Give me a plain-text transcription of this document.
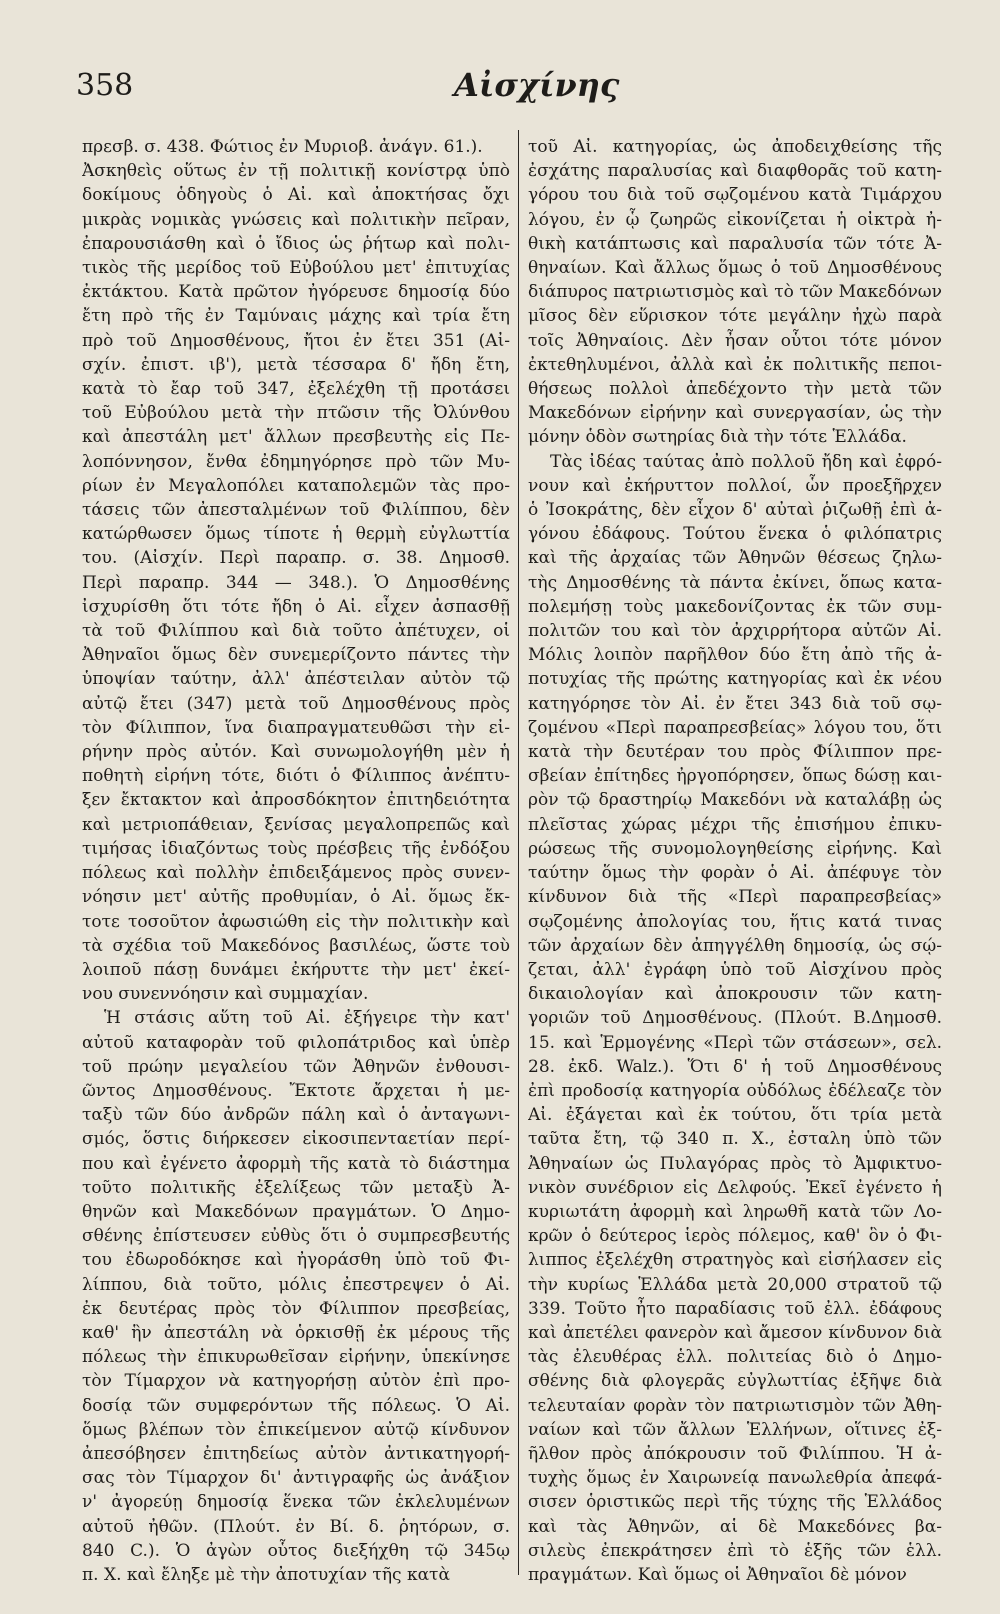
358	Αἰσχίνης
πρεσβ. σ. 438. Φώτιος ἐν Μυριοβ. ἀνάγν. 61.).
Ἀσκηθεὶς οὕτως ἐν τῇ πολιτικῇ κονίστρᾳ ὑπὸ
δοκίμους ὁδηγοὺς ὁ Αἰ. καὶ ἀποκτήσας ὄχι
μικρὰς νομικὰς γνώσεις καὶ πολιτικὴν πεῖραν,
ἐπαρουσιάσθη καὶ ὁ ἴδιος ὡς ῥήτωρ καὶ πολι-
τικὸς τῆς μερίδος τοῦ Εὐβούλου μετ' ἐπιτυχίας
ἐκτάκτου. Κατὰ πρῶτον ἠγόρευσε δημοσίᾳ δύο
ἔτη πρὸ τῆς ἐν Ταμύναις μάχης καὶ τρία ἔτη
πρὸ τοῦ Δημοσθένους, ἤτοι ἐν ἔτει 351 (Αἰ-
σχίν. ἐπιστ. ιβ'), μετὰ τέσσαρα δ' ἤδη ἔτη,
κατὰ τὸ ἔαρ τοῦ 347, ἐξελέχθη τῇ προτάσει
τοῦ Εὐβούλου μετὰ τὴν πτῶσιν τῆς Ὀλύνθου
καὶ ἀπεστάλη μετ' ἄλλων πρεσβευτὴς εἰς Πε-
λοπόννησον, ἔνθα ἐδημηγόρησε πρὸ τῶν Μυ-
ρίων ἐν Μεγαλοπόλει καταπολεμῶν τὰς προ-
τάσεις τῶν ἀπεσταλμένων τοῦ Φιλίππου, δὲν
κατώρθωσεν ὅμως τίποτε ἡ θερμὴ εὐγλωττία
του. (Αἰσχίν. Περὶ παραπρ. σ. 38. Δημοσθ.
Περὶ παραπρ. 344 — 348.). Ὁ Δημοσθένης
ἰσχυρίσθη ὅτι τότε ἤδη ὁ Αἰ. εἶχεν ἀσπασθῇ
τὰ τοῦ Φιλίππου καὶ διὰ τοῦτο ἀπέτυχεν, οἱ
Ἀθηναῖοι ὅμως δὲν συνεμερίζοντο πάντες τὴν
ὑποψίαν ταύτην, ἀλλ' ἀπέστειλαν αὐτὸν τῷ
αὐτῷ ἔτει (347) μετὰ τοῦ Δημοσθένους πρὸς
τὸν Φίλιππον, ἵνα διαπραγματευθῶσι τὴν εἰ-
ρήνην πρὸς αὐτόν. Καὶ συνωμολογήθη μὲν ἡ
ποθητὴ εἰρήνη τότε, διότι ὁ Φίλιππος ἀνέπτυ-
ξεν ἔκτακτον καὶ ἀπροσδόκητον ἐπιτηδειότητα
καὶ μετριοπάθειαν, ξενίσας μεγαλοπρεπῶς καὶ
τιμήσας ἰδιαζόντως τοὺς πρέσβεις τῆς ἐνδόξου
πόλεως καὶ πολλὴν ἐπιδειξάμενος πρὸς συνεν-
νόησιν μετ' αὐτῆς προθυμίαν, ὁ Αἰ. ὅμως ἔκ-
τοτε τοσοῦτον ἀφωσιώθη εἰς τὴν πολιτικὴν καὶ
τὰ σχέδια τοῦ Μακεδόνος βασιλέως, ὥστε τοὺ
λοιποῦ πάσῃ δυνάμει ἐκήρυττε τὴν μετ' ἐκεί-
νου συνεννόησιν καὶ συμμαχίαν.
Ἡ στάσις αὕτη τοῦ Αἰ. ἐξήγειρε τὴν κατ'
αὐτοῦ καταφορὰν τοῦ φιλοπάτριδος καὶ ὑπὲρ
τοῦ πρώην μεγαλείου τῶν Ἀθηνῶν ἐνθουσι-
ῶντος Δημοσθένους. Ἔκτοτε ἄρχεται ἡ με-
ταξὺ τῶν δύο ἀνδρῶν πάλη καὶ ὁ ἀνταγωνι-
σμός, ὅστις διήρκεσεν εἰκοσιπενταετίαν περί-
που καὶ ἐγένετο ἀφορμὴ τῆς κατὰ τὸ διάστημα
τοῦτο πολιτικῆς ἐξελίξεως τῶν μεταξὺ Ἀ-
θηνῶν καὶ Μακεδόνων πραγμάτων. Ὁ Δημο-
σθένης ἐπίστευσεν εὐθὺς ὅτι ὁ συμπρεσβευτής
του ἐδωροδόκησε καὶ ἠγοράσθη ὑπὸ τοῦ Φι-
λίππου, διὰ τοῦτο, μόλις ἐπεστρεψεν ὁ Αἰ.
ἐκ δευτέρας πρὸς τὸν Φίλιππον πρεσβείας,
καθ' ἣν ἀπεστάλη νὰ ὁρκισθῇ ἐκ μέρους τῆς
πόλεως τὴν ἐπικυρωθεῖσαν εἰρήνην, ὑπεκίνησε
τὸν Τίμαρχον νὰ κατηγορήσῃ αὐτὸν ἐπὶ προ-
δοσίᾳ τῶν συμφερόντων τῆς πόλεως. Ὁ Αἰ.
ὅμως βλέπων τὸν ἐπικείμενον αὐτῷ κίνδυνον
ἀπεσόβησεν ἐπιτηδείως αὐτὸν ἀντικατηγορή-
σας τὸν Τίμαρχον δι' ἀντιγραφῆς ὡς ἀνάξιον
ν' ἀγορεύῃ δημοσίᾳ ἕνεκα τῶν ἐκλελυμένων
αὐτοῦ ἠθῶν. (Πλούτ. ἐν Βί. δ. ῥητόρων, σ.
840 C.). Ὁ ἀγὼν οὗτος διεξήχθη τῷ 345ῳ
π. Χ. καὶ ἔληξε μὲ τὴν ἀποτυχίαν τῆς κατὰ
τοῦ Αἰ. κατηγορίας, ὡς ἀποδειχθείσης τῆς
ἐσχάτης παραλυσίας καὶ διαφθορᾶς τοῦ κατη-
γόρου του διὰ τοῦ σῳζομένου κατὰ Τιμάρχου
λόγου, ἐν ᾧ ζωηρῶς εἰκονίζεται ἡ οἰκτρὰ ἠ-
θικὴ κατάπτωσις καὶ παραλυσία τῶν τότε Ἀ-
θηναίων. Καὶ ἄλλως ὅμως ὁ τοῦ Δημοσθένους
διάπυρος πατριωτισμὸς καὶ τὸ τῶν Μακεδόνων
μῖσος δὲν εὕρισκον τότε μεγάλην ἠχὼ παρὰ
τοῖς Ἀθηναίοις. Δὲν ἦσαν οὗτοι τότε μόνον
ἐκτεθηλυμένοι, ἀλλὰ καὶ ἐκ πολιτικῆς πεποι-
θήσεως πολλοὶ ἀπεδέχοντο τὴν μετὰ τῶν
Μακεδόνων εἰρήνην καὶ συνεργασίαν, ὡς τὴν
μόνην ὁδὸν σωτηρίας διὰ τὴν τότε Ἑλλάδα.
Τὰς ἰδέας ταύτας ἀπὸ πολλοῦ ἤδη καὶ ἐφρό-
νουν καὶ ἐκήρυττον πολλοί, ὧν προεξῆρχεν
ὁ Ἰσοκράτης, δὲν εἶχον δ' αὐταὶ ῥιζωθῇ ἐπὶ ἀ-
γόνου ἐδάφους. Τούτου ἕνεκα ὁ φιλόπατρις
καὶ τῆς ἀρχαίας τῶν Ἀθηνῶν θέσεως ζηλω-
τὴς Δημοσθένης τὰ πάντα ἐκίνει, ὅπως κατα-
πολεμήσῃ τοὺς μακεδονίζοντας ἐκ τῶν συμ-
πολιτῶν του καὶ τὸν ἀρχιρρήτορα αὐτῶν Αἰ.
Μόλις λοιπὸν παρῆλθον δύο ἔτη ἀπὸ τῆς ἀ-
ποτυχίας τῆς πρώτης κατηγορίας καὶ ἐκ νέου
κατηγόρησε τὸν Αἰ. ἐν ἔτει 343 διὰ τοῦ σῳ-
ζομένου «Περὶ παραπρεσβείας» λόγου του, ὅτι
κατὰ τὴν δευτέραν του πρὸς Φίλιππον πρε-
σβείαν ἐπίτηδες ἠργοπόρησεν, ὅπως δώσῃ και-
ρὸν τῷ δραστηρίῳ Μακεδόνι νὰ καταλάβῃ ὡς
πλεῖστας χώρας μέχρι τῆς ἐπισήμου ἐπικυ-
ρώσεως τῆς συνομολογηθείσης εἰρήνης. Καὶ
ταύτην ὅμως τὴν φορὰν ὁ Αἰ. ἀπέφυγε τὸν
κίνδυνον διὰ τῆς «Περὶ παραπρεσβείας»
σῳζομένης ἀπολογίας του, ἥτις κατά τινας
τῶν ἀρχαίων δὲν ἀπηγγέλθη δημοσίᾳ, ὡς σῴ-
ζεται, ἀλλ' ἐγράφη ὑπὸ τοῦ Αἰσχίνου πρὸς
δικαιολογίαν καὶ ἀποκρουσιν τῶν κατη-
γοριῶν τοῦ Δημοσθένους. (Πλούτ. Β.Δημοσθ.
15. καὶ Ἑρμογένης «Περὶ τῶν στάσεων», σελ.
28. ἐκδ. Walz.). Ὅτι δ' ἡ τοῦ Δημοσθένους
ἐπὶ προδοσίᾳ κατηγορία οὐδόλως ἐδέλεαζε τὸν
Αἰ. ἐξάγεται καὶ ἐκ τούτου, ὅτι τρία μετὰ
ταῦτα ἔτη, τῷ 340 π. Χ., ἐσταλη ὑπὸ τῶν
Ἀθηναίων ὡς Πυλαγόρας πρὸς τὸ Ἀμφικτυο-
νικὸν συνέδριον εἰς Δελφούς. Ἐκεῖ ἐγένετο ἡ
κυριωτάτη ἀφορμὴ καὶ ληρωθῆ κατὰ τῶν Λο-
κρῶν ὁ δεύτερος ἱερὸς πόλεμος, καθ' ὃν ὁ Φι-
λιππος ἐξελέχθη στρατηγὸς καὶ εἰσήλασεν εἰς
τὴν κυρίως Ἑλλάδα μετὰ 20,000 στρατοῦ τῷ
339. Τοῦτο ἦτο παραδίασις τοῦ ἐλλ. ἐδάφους
καὶ ἀπετέλει φανερὸν καὶ ἄμεσον κίνδυνον διὰ
τὰς ἐλευθέρας ἑλλ. πολιτείας διὸ ὁ Δημο-
σθένης διὰ φλογερᾶς εὐγλωττίας ἐξῆψε διὰ
τελευταίαν φορὰν τὸν πατριωτισμὸν τῶν Ἀθη-
ναίων καὶ τῶν ἄλλων Ἑλλήνων, οἵτινες ἐξ-
ῆλθον πρὸς ἀπόκρουσιν τοῦ Φιλίππου. Ἡ ἀ-
τυχὴς ὅμως ἐν Χαιρωνείᾳ πανωλεθρία ἀπεφά-
σισεν ὁριστικῶς περὶ τῆς τύχης τῆς Ἑλλάδος
καὶ τὰς Ἀθηνῶν, αἱ δὲ Μακεδόνες βα-
σιλεὺς ἐπεκράτησεν ἐπὶ τὸ ἑξῆς τῶν ἑλλ.
πραγμάτων. Καὶ ὅμως οἱ Ἀθηναῖοι δὲ μόνον
